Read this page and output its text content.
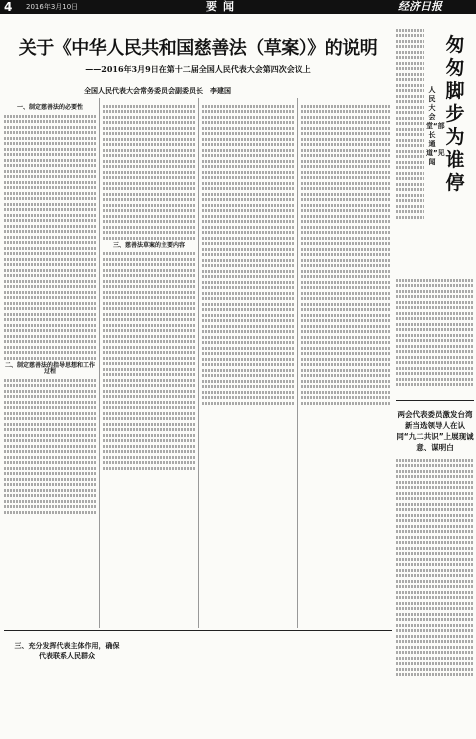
4 2016年3月10日	要闻	经济日报
关于《中华人民共和国慈善法（草案）》的说明
——2016年3月9日在第十二届全国人民代表大会第四次会议上
全国人民代表大会常务委员会副委员长　李建国
一、制定慈善法的必要性
二、制定慈善法的指导思想和工作过程
三、慈善法草案的主要内容
三、充分发挥代表主体作用，确保代表联系人民群众
匆匆脚步为谁停
人民大会堂“部长通道”见闻
两会代表委员激发台湾新当选领导人在认同“九二共识”上展现诚意、谋明白
